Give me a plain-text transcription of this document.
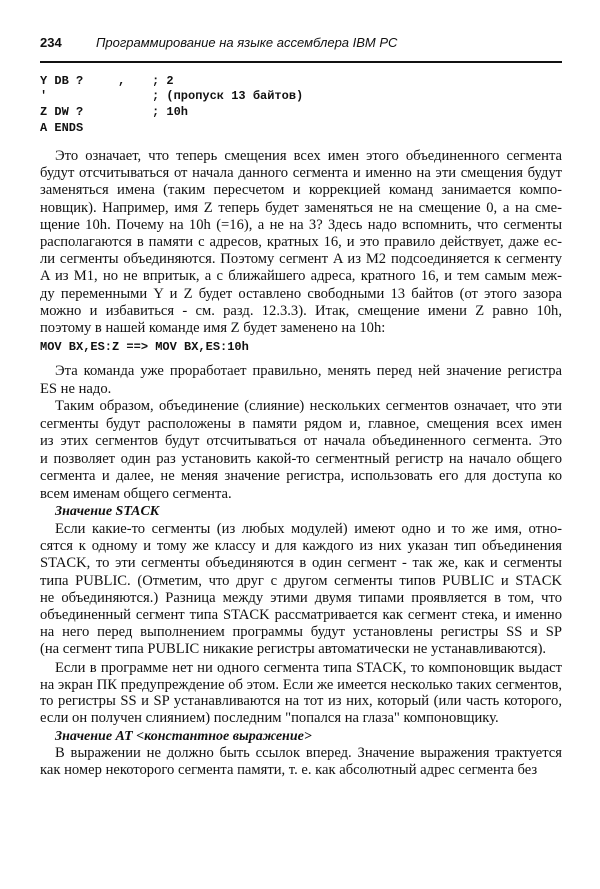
234	Программирование на языке ассемблера IBM PC
Y DB ?	, ; 2
'	; (пропуск 13 байтов)
Z DW ?	; 10h
A ENDS
Это означает, что теперь смещения всех имен этого объединенного сегмента
будут отсчитываться от начала данного сегмента и именно на эти смещения будут
заменяться имена (таким пересчетом и коррекцией команд занимается компо-
новщик). Например, имя Z теперь будет заменяться не на смещение 0, а на сме-
щение 10h. Почему на 10h (=16), а не на 3? Здесь надо вспомнить, что сегменты
располагаются в памяти с адресов, кратных 16, и это правило действует, даже ес-
ли сегменты объединяются. Поэтому сегмент A из M2 подсоединяется к сегменту
A из M1, но не впритык, а с ближайшего адреса, кратного 16, и тем самым меж-
ду переменными Y и Z будет оставлено свободными 13 байтов (от этого зазора
можно и избавиться - см. разд. 12.3.3). Итак, смещение имени Z равно 10h,
поэтому в нашей команде имя Z будет заменено на 10h:
MOV BX,ES:Z ==> MOV BX,ES:10h
Эта команда уже проработает правильно, менять перед ней значение регистра
ES не надо.
Таким образом, объединение (слияние) нескольких сегментов означает, что эти
сегменты будут расположены в памяти рядом и, главное, смещения всех имен
из этих сегментов будут отсчитываться от начала объединенного сегмента. Это
и позволяет один раз установить какой-то сегментный регистр на начало общего
сегмента и далее, не меняя значение регистра, использовать его для доступа ко
всем именам общего сегмента.
Значение STACK
Если какие-то сегменты (из любых модулей) имеют одно и то же имя, отно-
сятся к одному и тому же классу и для каждого из них указан тип объединения
STACK, то эти сегменты объединяются в один сегмент - так же, как и сегменты
типа PUBLIC. (Отметим, что друг с другом сегменты типов PUBLIC и STACK
не объединяются.) Разница между этими двумя типами проявляется в том, что
объединенный сегмент типа STACK рассматривается как сегмент стека, и именно
на него перед выполнением программы будут установлены регистры SS и SP
(на сегмент типа PUBLIC никакие регистры автоматически не устанавливаются).
Если в программе нет ни одного сегмента типа STACK, то компоновщик выдаст
на экран ПК предупреждение об этом. Если же имеется несколько таких сегментов,
то регистры SS и SP устанавливаются на тот из них, который (или часть которого,
если он получен слиянием) последним "попался на глаза" компоновщику.
Значение AT <константное выражение>
В выражении не должно быть ссылок вперед. Значение выражения трактуется
как номер некоторого сегмента памяти, т. е. как абсолютный адрес сегмента без
